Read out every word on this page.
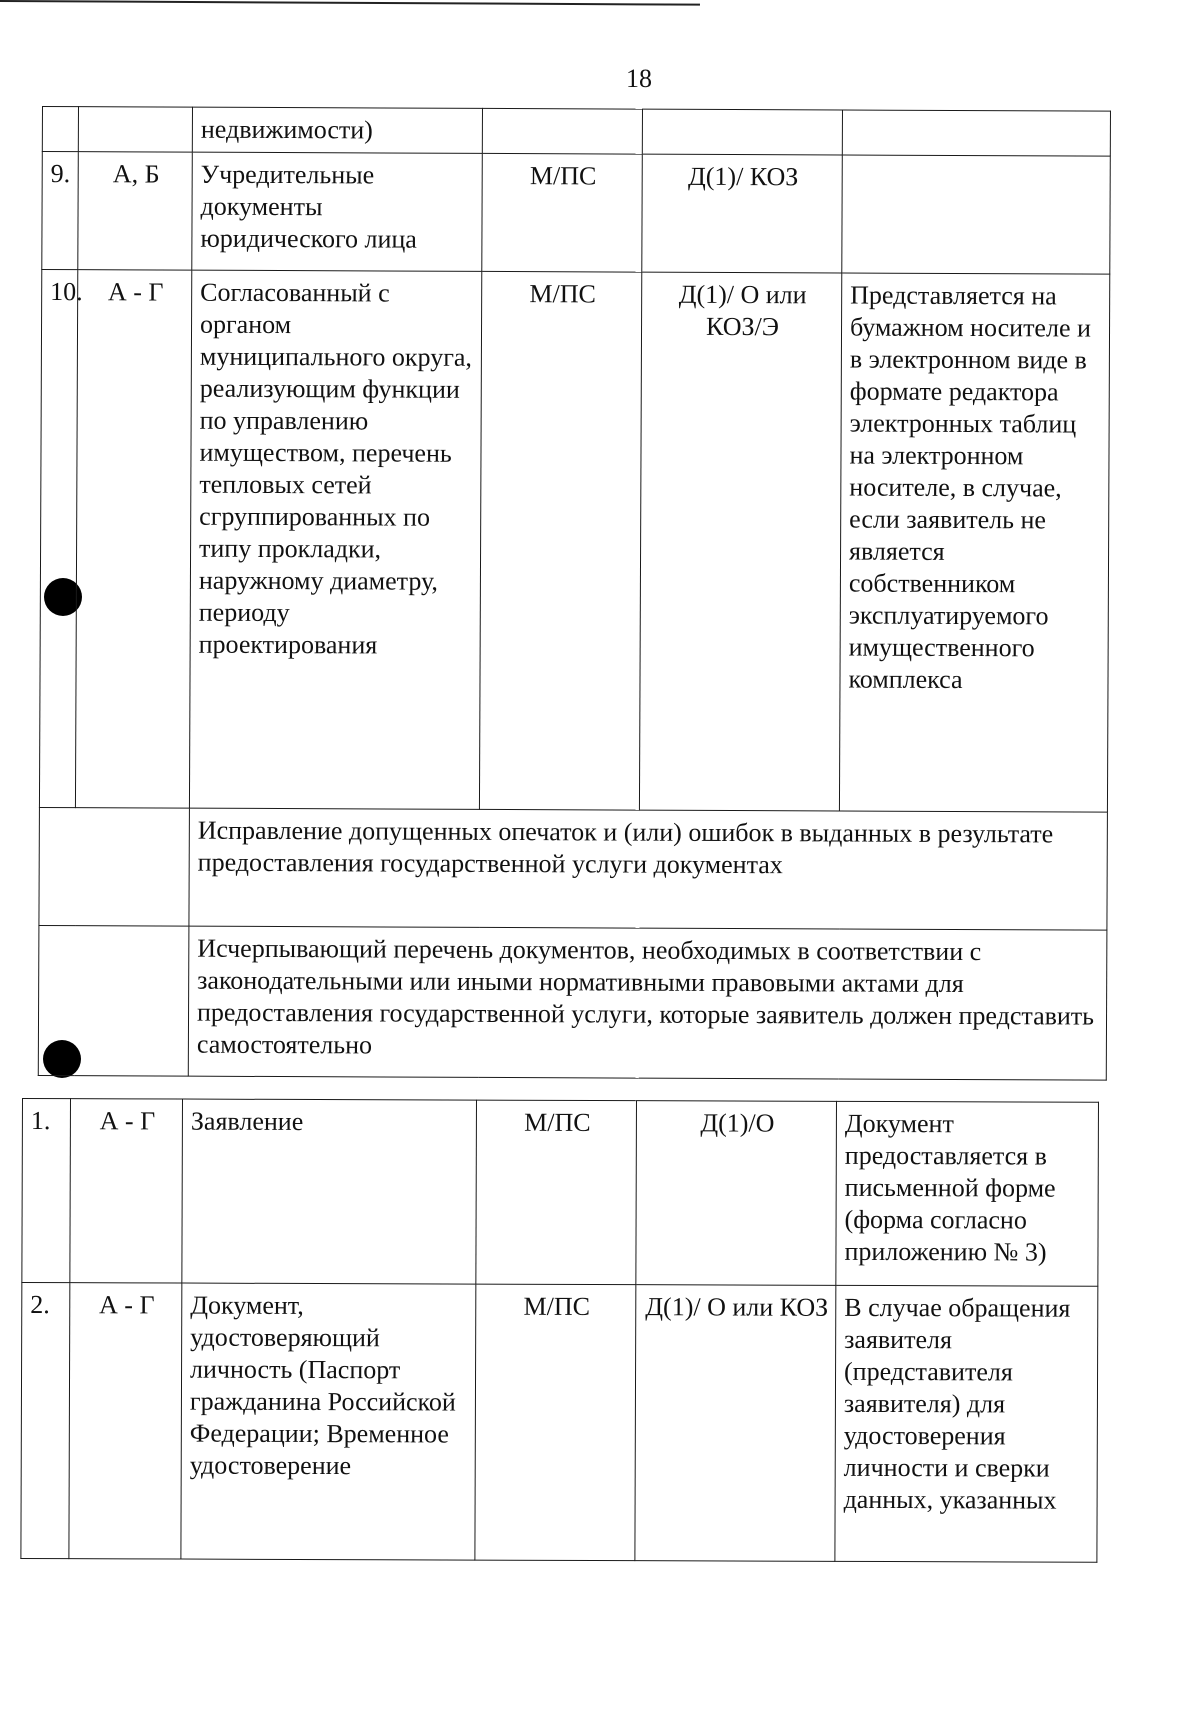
18
		недвижимости)			
9.	А, Б	Учредительные документы юридического лица	М/ПС	Д(1)/ КОЗ	
10.	А - Г	Согласованный с органом муниципального округа, реализующим функции по управлению имуществом, перечень тепловых сетей сгруппированных по типу прокладки, наружному диаметру, периоду проектирования	М/ПС	Д(1)/ О или КОЗ/Э	Представляется на бумажном носителе и в электронном виде в формате редактора электронных таблиц на электронном носителе, в случае, если заявитель не является собственником эксплуатируемого имущественного комплекса
		Исправление допущенных опечаток и (или) ошибок в выданных в результате предоставления государственной услуги документах			
		Исчерпывающий перечень документов, необходимых в соответствии с законодательными или иными нормативными правовыми актами для предоставления государственной услуги, которые заявитель должен представить самостоятельно			
1.	А - Г	Заявление	М/ПС	Д(1)/О	Документ предоставляется в письменной форме (форма согласно приложению № 3)
2.	А - Г	Документ, удостоверяющий личность (Паспорт гражданина Российской Федерации; Временное удостоверение	М/ПС	Д(1)/ О или КОЗ	В случае обращения заявителя (представителя заявителя) для удостоверения личности и сверки данных, указанных
